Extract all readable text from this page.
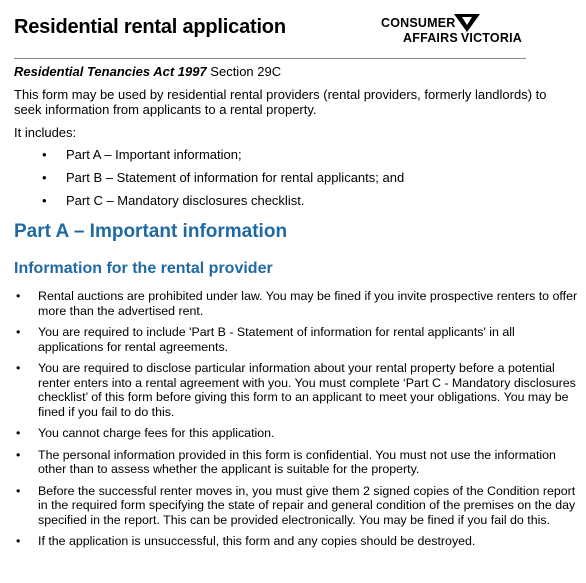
Residential rental application	CONSUMER
AFFAIRS VICTORIA
Residential Tenancies Act 1997 Section 29C
This form may be used by residential rental providers (rental providers, formerly landlords) to seek information from applicants to a rental property.
It includes:
• Part A – Important information;
• Part B – Statement of information for rental applicants; and
• Part C – Mandatory disclosures checklist.
Part A – Important information
Information for the rental provider
• Rental auctions are prohibited under law. You may be fined if you invite prospective renters to offer more than the advertised rent.
• You are required to include 'Part B - Statement of information for rental applicants' in all applications for rental agreements.
• You are required to disclose particular information about your rental property before a potential renter enters into a rental agreement with you. You must complete ‘Part C - Mandatory disclosures checklist’ of this form before giving this form to an applicant to meet your obligations. You may be fined if you fail to do this.
• You cannot charge fees for this application.
• The personal information provided in this form is confidential. You must not use the information other than to assess whether the applicant is suitable for the property.
• Before the successful renter moves in, you must give them 2 signed copies of the Condition report in the required form specifying the state of repair and general condition of the premises on the day specified in the report. This can be provided electronically. You may be fined if you fail do this.
• If the application is unsuccessful, this form and any copies should be destroyed.
